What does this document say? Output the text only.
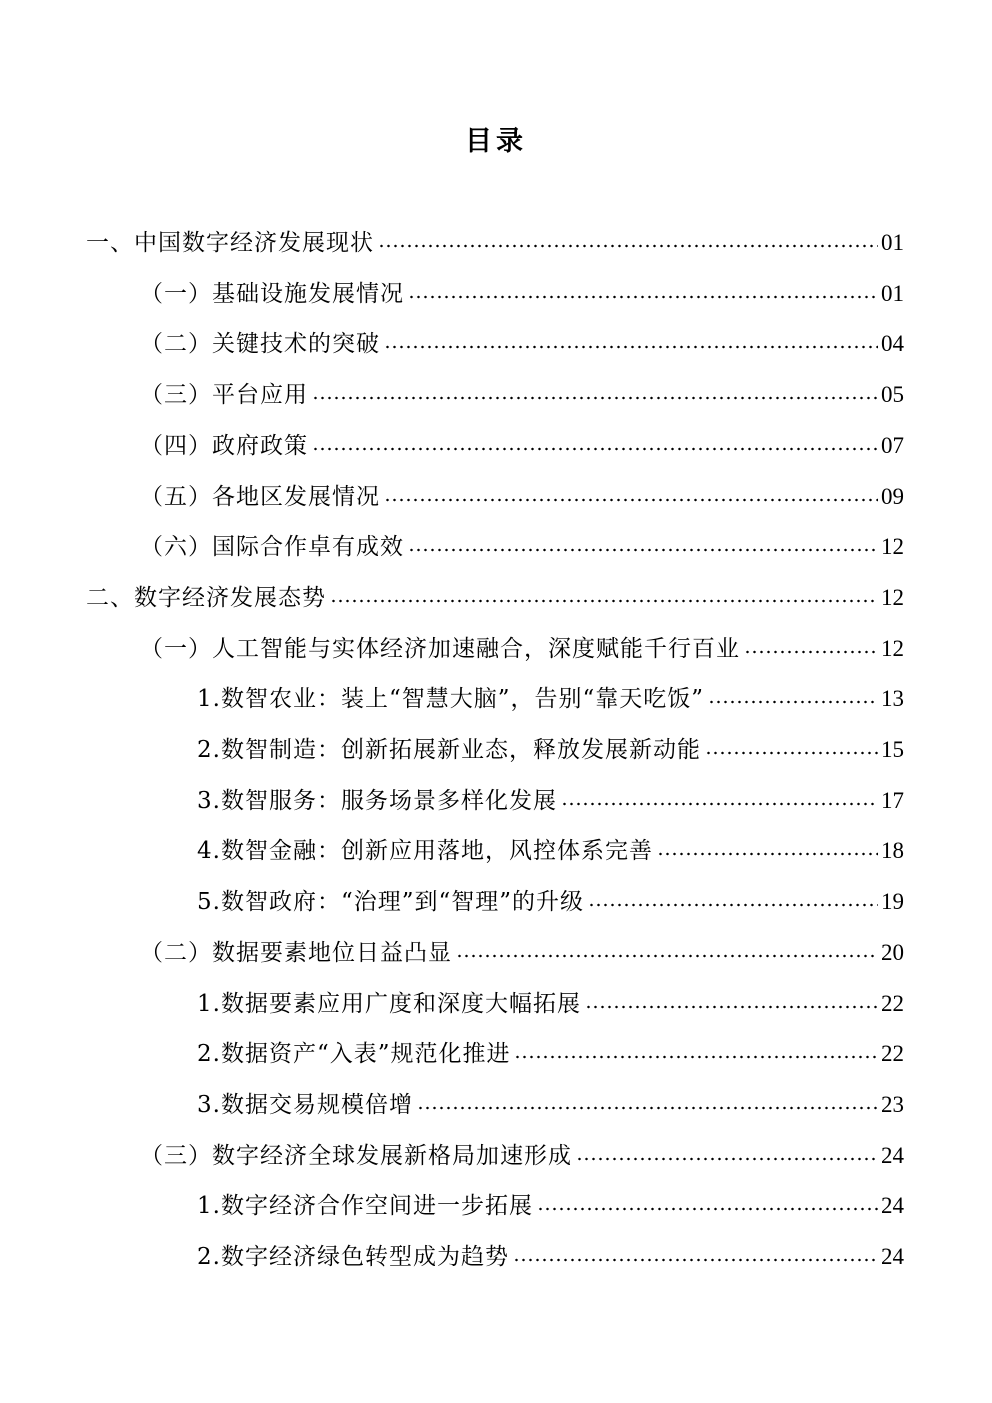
目录
一、中国数字经济发展现状	01
（一）基础设施发展情况	01
（二）关键技术的突破	04
（三）平台应用	05
（四）政府政策	07
（五）各地区发展情况	09
（六）国际合作卓有成效	12
二、数字经济发展态势	12
（一）人工智能与实体经济加速融合，深度赋能千行百业	12
1.数智农业：装上“智慧大脑”，告别“靠天吃饭”	13
2.数智制造：创新拓展新业态，释放发展新动能	15
3.数智服务：服务场景多样化发展	17
4.数智金融：创新应用落地，风控体系完善	18
5.数智政府：“治理”到“智理”的升级	19
（二）数据要素地位日益凸显	20
1.数据要素应用广度和深度大幅拓展	22
2.数据资产“入表”规范化推进	22
3.数据交易规模倍增	23
（三）数字经济全球发展新格局加速形成	24
1.数字经济合作空间进一步拓展	24
2.数字经济绿色转型成为趋势	24
